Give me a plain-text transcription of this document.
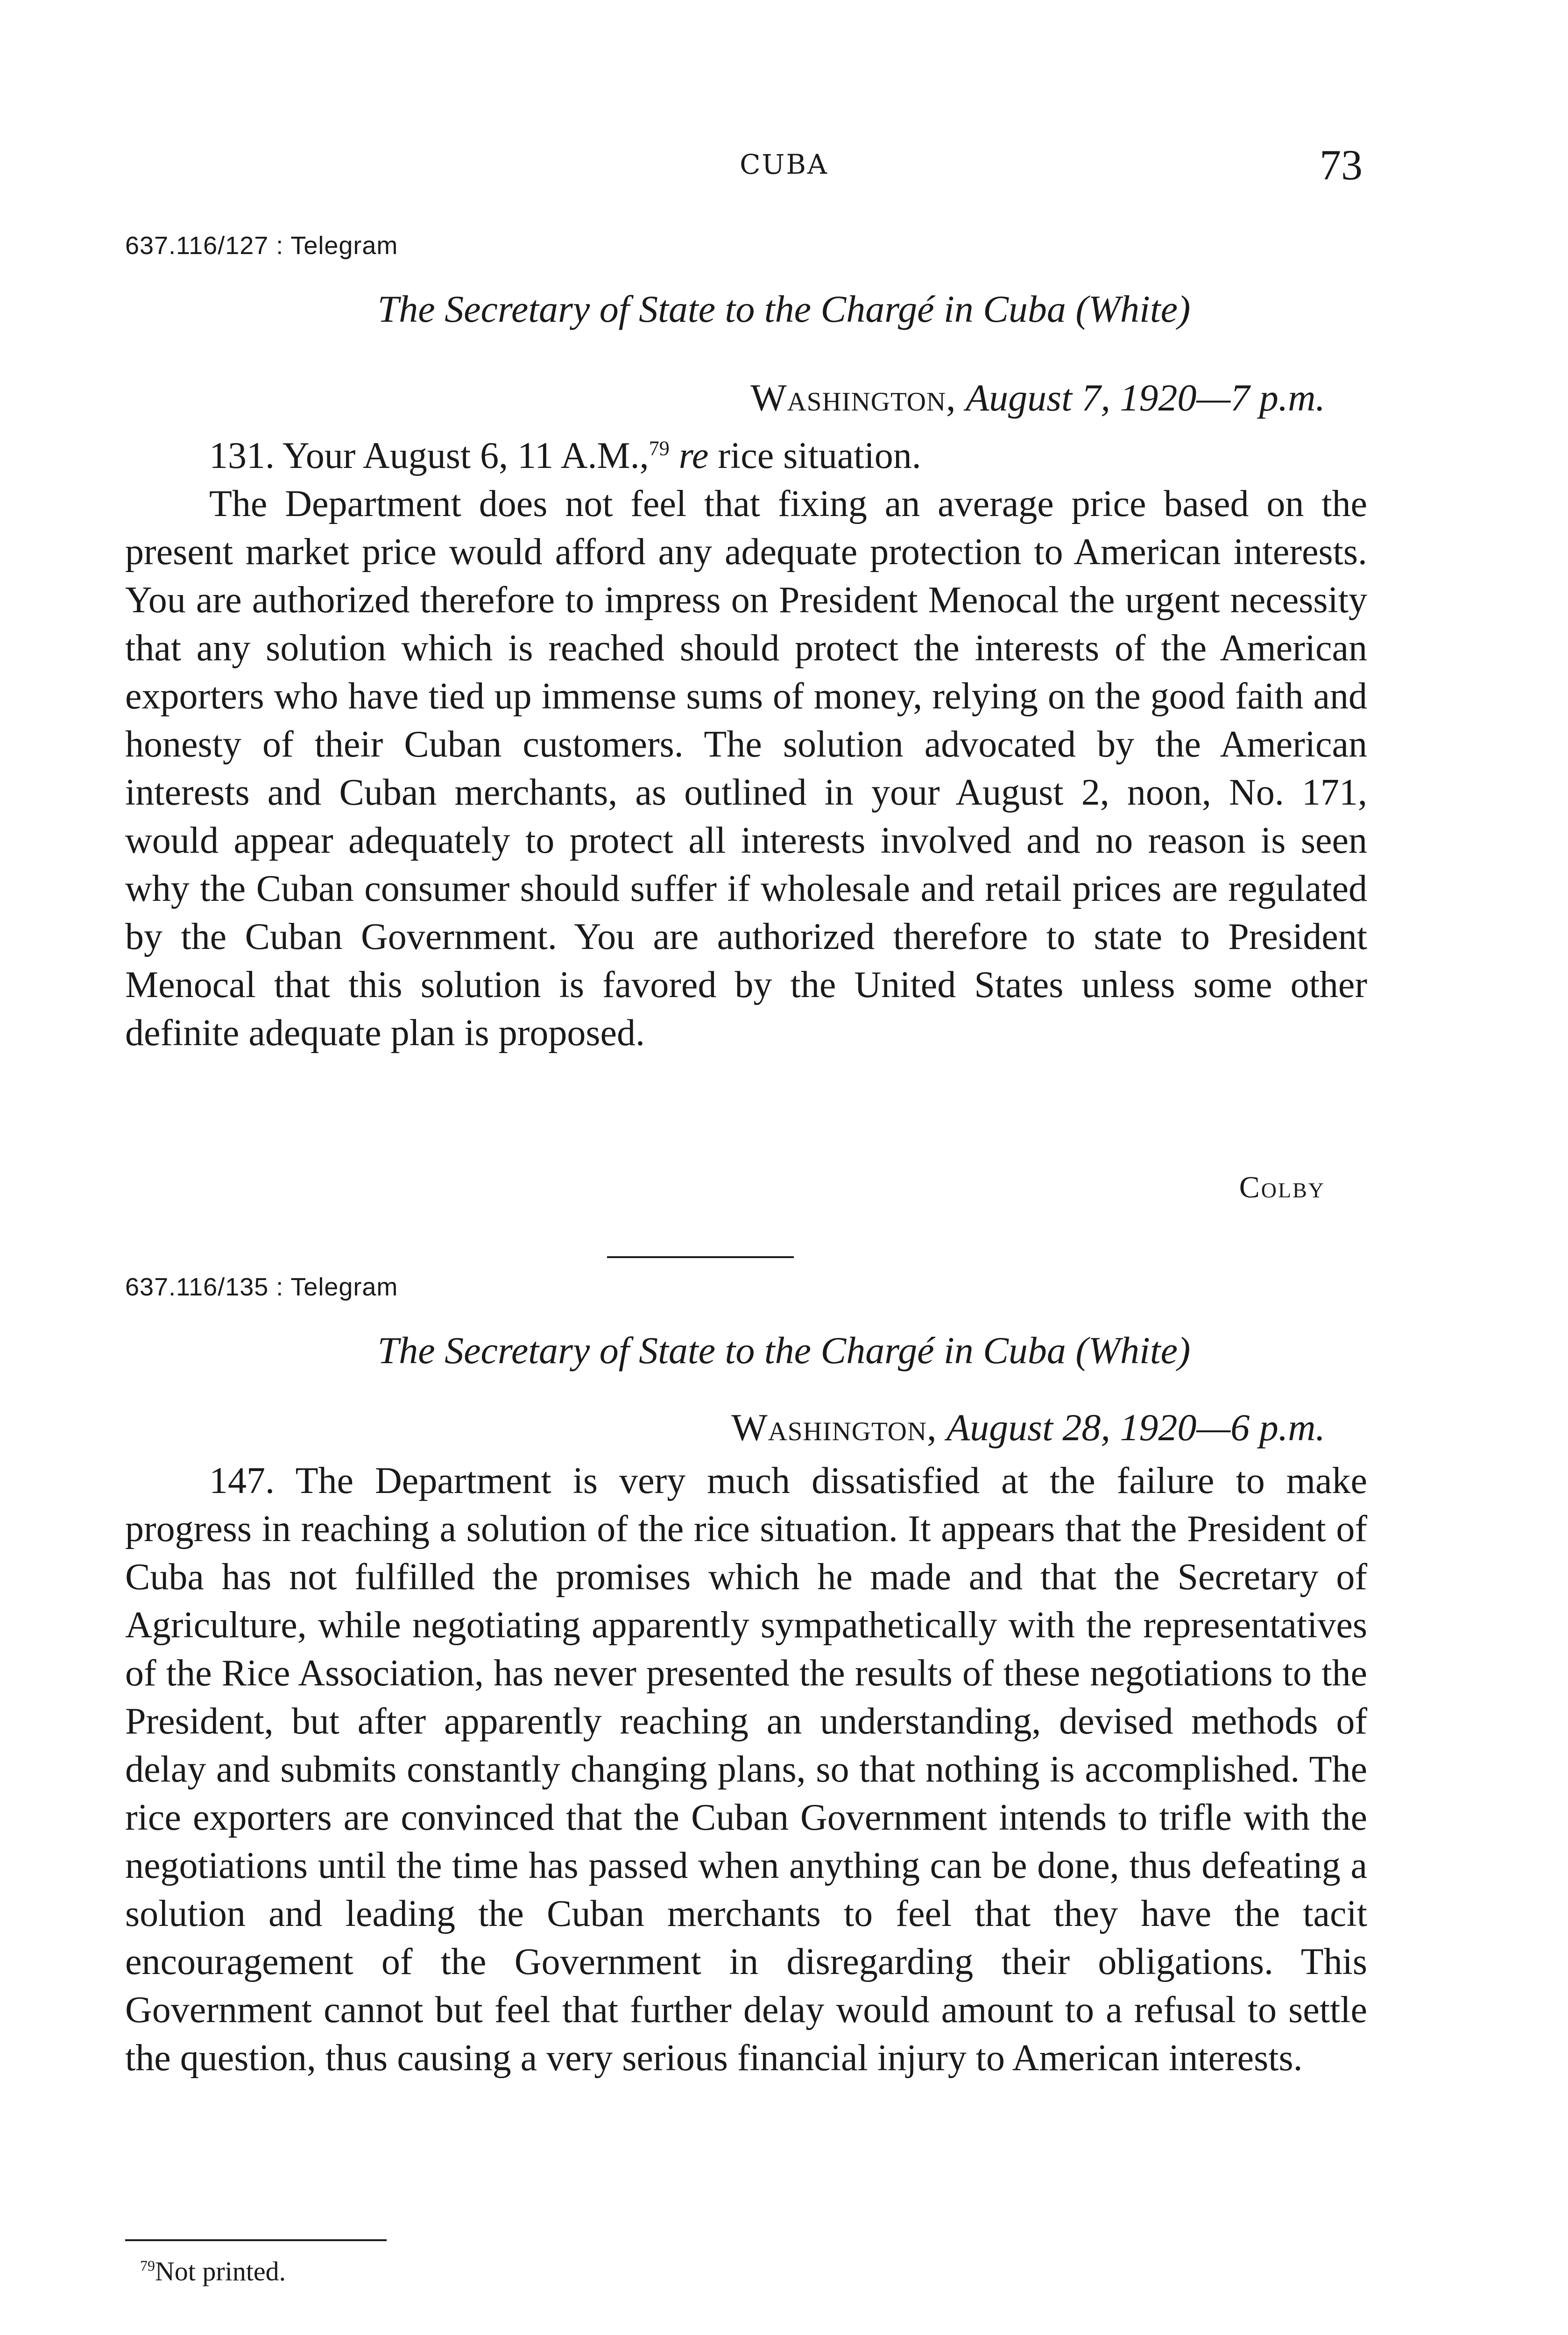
CUBA	73
637.116/127 : Telegram
The Secretary of State to the Chargé in Cuba (White)
Washington, August 7, 1920—7 p.m.

131. Your August 6, 11 A.M.,$^{79}$ re rice situation.

The Department does not feel that fixing an average price based on the present market price would afford any adequate protection to American interests. You are authorized therefore to impress on President Menocal the urgent necessity that any solution which is reached should protect the interests of the American exporters who have tied up immense sums of money, relying on the good faith and honesty of their Cuban customers. The solution advocated by the American interests and Cuban merchants, as outlined in your August 2, noon, No. 171, would appear adequately to protect all interests involved and no reason is seen why the Cuban consumer should suffer if wholesale and retail prices are regulated by the Cuban Government. You are authorized therefore to state to President Menocal that this solution is favored by the United States unless some other definite adequate plan is proposed.

Colby
637.116/135 : Telegram
The Secretary of State to the Chargé in Cuba (White)
Washington, August 28, 1920—6 p.m.

147. The Department is very much dissatisfied at the failure to make progress in reaching a solution of the rice situation. It appears that the President of Cuba has not fulfilled the promises which he made and that the Secretary of Agriculture, while negotiating apparently sympathetically with the representatives of the Rice Association, has never presented the results of these negotiations to the President, but after apparently reaching an understanding, devised methods of delay and submits constantly changing plans, so that nothing is accomplished. The rice exporters are convinced that the Cuban Government intends to trifle with the negotiations until the time has passed when anything can be done, thus defeating a solution and leading the Cuban merchants to feel that they have the tacit encouragement of the Government in disregarding their obligations. This Government cannot but feel that further delay would amount to a refusal to settle the question, thus causing a very serious financial injury to American interests.

$^{79}$Not printed.
